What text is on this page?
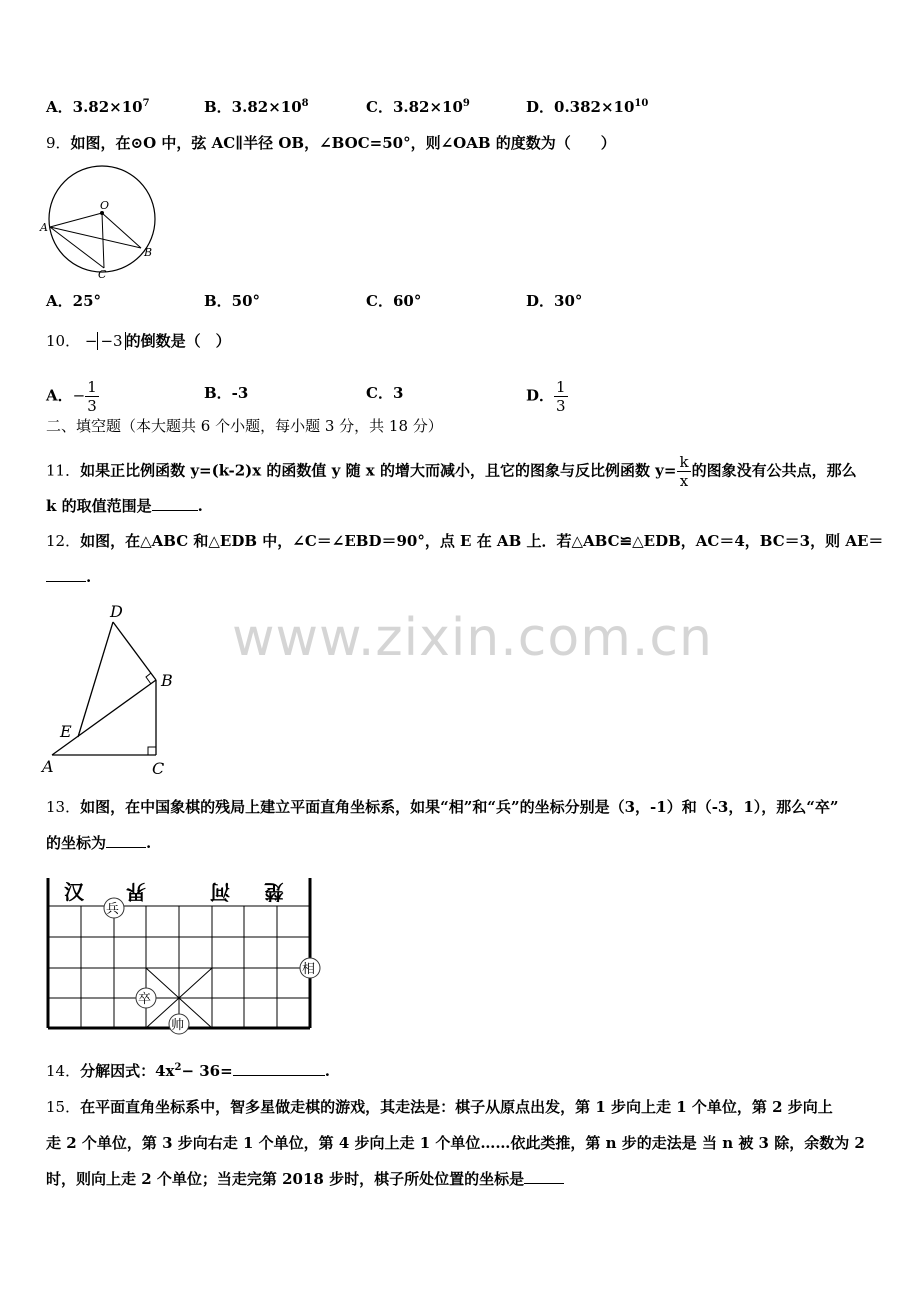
A．$3.82\times 10^7$	B．$3.82\times 10^8$	C．$3.82\times 10^9$	D．$0.382\times 10^{10}$
9．如图，在⊙O 中，弦 AC∥半径 OB，∠BOC=50°，则∠OAB 的度数为（　　）
O
A
B
C
A．25°	B．50°	C．60°	D．30°
10． − −3 的倒数是（　）
A．− $\frac{1}{3}$	B．-3	C．3	D． $\frac{1}{3}$
二、填空题（本大题共 6 个小题，每小题 3 分，共 18 分）
11．如果正比例函数 y=(k-2)x 的函数值 y 随 x 的增大而减小，且它的图象与反比例函数 $y= \frac{k}{x}$ 的图象没有公共点，那么
k 的取值范围是	.
12．如图，在△ABC 和△EDB 中，∠C＝∠EBD＝90°，点 E 在 AB 上．若△ABC≌△EDB，AC＝4，BC＝3，则 AE＝
.
www.zixin.com.cn
D
B
E
A	C
13．如图，在中国象棋的残局上建立平面直角坐标系，如果“相”和“兵”的坐标分别是（3，-1）和（-3，1），那么“卒”
的坐标为	.
汉 界	河 楚
兵
相
卒
帅
14．分解因式：$4x^2- 36=$	.
15．在平面直角坐标系中，智多星做走棋的游戏，其走法是：棋子从原点出发，第 1 步向上走 1 个单位，第 2 步向上
走 2 个单位，第 3 步向右走 1 个单位，第 4 步向上走 1 个单位……依此类推，第 n 步的走法是 当 n 被 3 除，余数为 2
时，则向上走 2 个单位；当走完第 2018 步时，棋子所处位置的坐标是
